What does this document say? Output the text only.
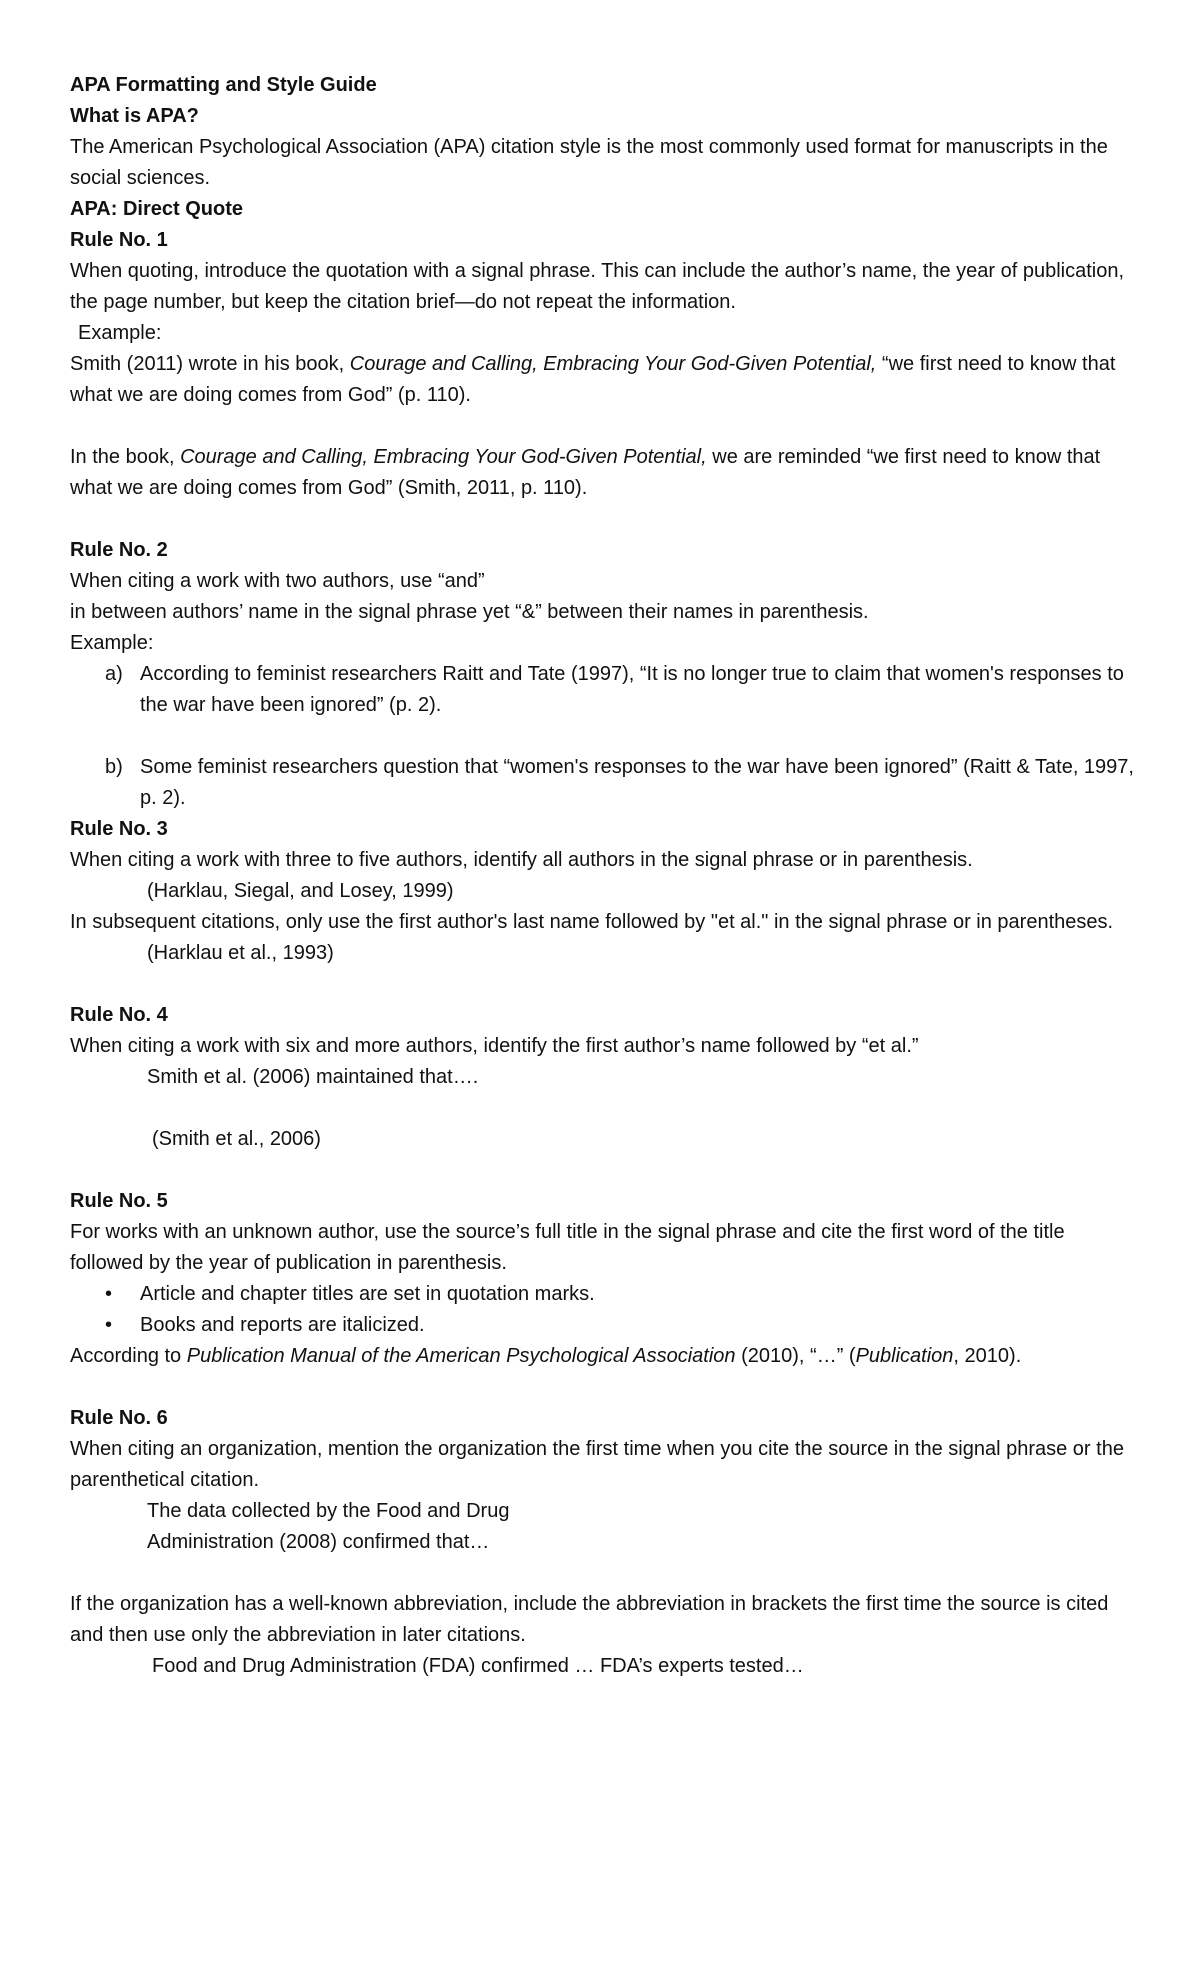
APA Formatting and Style Guide

What is APA?

The American Psychological Association (APA) citation style is the most commonly used format for manuscripts in the social sciences.

APA: Direct Quote

Rule No. 1

When quoting, introduce the quotation with a signal phrase. This can include the author’s name, the year of publication, the page number, but keep the citation brief—do not repeat the information.

Example:

Smith (2011) wrote in his book, Courage and Calling, Embracing Your God-Given Potential, “we first need to know that what we are doing comes from God” (p. 110).

In the book, Courage and Calling, Embracing Your God-Given Potential, we are reminded “we first need to know that what we are doing comes from God” (Smith, 2011, p. 110).

Rule No. 2

When citing a work with two authors, use “and”

in between authors’ name in the signal phrase yet “&” between their names in parenthesis.

Example:

a) According to feminist researchers Raitt and Tate (1997), “It is no longer true to claim that women's responses to the war have been ignored” (p. 2).
b) Some feminist researchers question that “women's responses to the war have been ignored” (Raitt & Tate, 1997, p. 2).

Rule No. 3

When citing a work with three to five authors, identify all authors in the signal phrase or in parenthesis.

(Harklau, Siegal, and Losey, 1999)

In subsequent citations, only use the first author's last name followed by "et al." in the signal phrase or in parentheses.

(Harklau et al., 1993)

Rule No. 4

When citing a work with six and more authors, identify the first author’s name followed by “et al.”

Smith et al. (2006) maintained that….

(Smith et al., 2006)

Rule No. 5

For works with an unknown author, use the source’s full title in the signal phrase and cite the first word of the title followed by the year of publication in parenthesis.

•	Article and chapter titles are set in quotation marks.
•	Books and reports are italicized.

According to Publication Manual of the American Psychological Association (2010), “…” (Publication, 2010).

Rule No. 6

When citing an organization, mention the organization the first time when you cite the source in the signal phrase or the parenthetical citation.

The data collected by the Food and Drug

Administration (2008) confirmed that…

If the organization has a well-known abbreviation, include the abbreviation in brackets the first time the source is cited and then use only the abbreviation in later citations.

Food and Drug Administration (FDA) confirmed … FDA’s experts tested…
